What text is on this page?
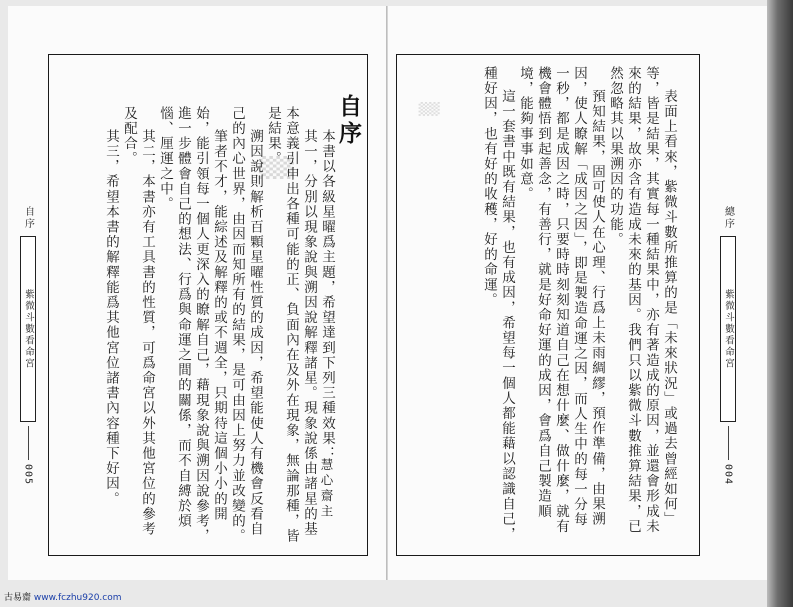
▒
自序

本書以各級星曜爲主題，希望達到下列三種效果：

其一，分別以現象說與溯因說解釋諸星。現象說係由諸星的基本意義引申出各種可能的正、負面內在及外在現象，無論那種，皆是結果。

溯因說則解析百顆星曜性質的成因，希望能使人有機會反看自己的內心世界，由因而知所有的結果，是可由因上努力並改變的。

筆者不才，能綜述及解釋的或不週全，只期待這個小小的開始，能引領每一個人更深入的瞭解自己，藉現象說與溯因說參考，進一步體會自己的想法、行爲與命運之間的關係，而不自縛於煩惱、厘運之中。

其二，本書亦有工具書的性質，可爲命宮以外其他宮位的參考及配合。

其三，希望本書的解釋能爲其他宮位諸書內容種下好因。	慧心齋主
自序
紫微斗數看命宮
005
▒	表面上看來，紫微斗數所推算的是「未來狀況」或過去曾經如何」等，皆是結果，其實每一種結果中，亦有著造成的原因，並還會形成未來的結果，故亦含有造成未來的基因。我們只以紫微斗數推算結果，已然忽略其以果溯因的功能。

預知結果，固可使人在心理、行爲上未雨綢繆，預作準備，由果溯因，使人瞭解「成因之因」，即是製造命運之因，而人生中的每一分每一秒，都是成因之時，只要時時刻刻知道自己在想什麼、做什麼，就有機會體悟到起善念，有善行，就是好命好運的成因，會爲自己製造順境，能夠事事如意。

這一套書中既有結果，也有成因，希望每一個人都能藉以認識自己，種好因，也有好的收穫，好的命運。	總序
紫微斗數看命宮
004
古易齋 www.fczhu920.com
